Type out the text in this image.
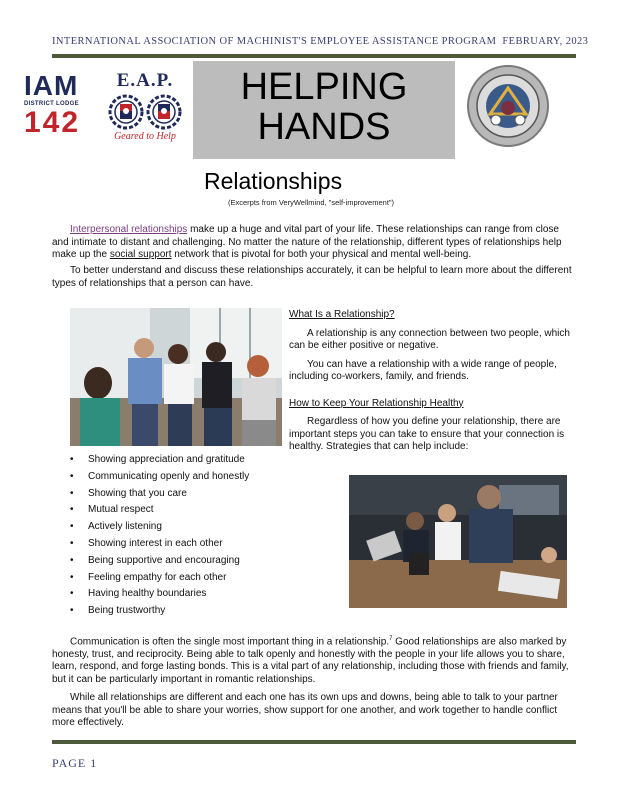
INTERNATIONAL ASSOCIATION OF MACHINIST'S EMPLOYEE ASSISTANCE PROGRAM FEBRUARY, 2023
IAM
DISTRICT LODGE
142
E.A.P.
Geared to Help
HELPING
HANDS
Relationships
(Excerpts from VeryWellmind, "self-improvement")
Interpersonal relationships make up a huge and vital part of your life. These relationships can range from close and intimate to distant and challenging. No matter the nature of the relationship, different types of relationships help make up the social support network that is pivotal for both your physical and mental well-being.
To better understand and discuss these relationships accurately, it can be helpful to learn more about the different types of relationships that a person can have.
What Is a Relationship?

A relationship is any connection between two people, which can be either positive or negative.

You can have a relationship with a wide range of people, including co-workers, family, and friends.

How to Keep Your Relationship Healthy

Regardless of how you define your relationship, there are important steps you can take to ensure that your connection is healthy. Strategies that can help include:

• Showing appreciation and gratitude
• Communicating openly and honestly
• Showing that you care
• Mutual respect
• Actively listening
• Showing interest in each other
• Being supportive and encouraging
• Feeling empathy for each other
• Having healthy boundaries
• Being trustworthy

Communication is often the single most important thing in a relationship.$^7$ Good relationships are also marked by honesty, trust, and reciprocity. Being able to talk openly and honestly with the people in your life allows you to share, learn, respond, and forge lasting bonds. This is a vital part of any relationship, including those with friends and family, but it can be particularly important in romantic relationships.

While all relationships are different and each one has its own ups and downs, being able to talk to your partner means that you'll be able to share your worries, show support for one another, and work together to handle conflict more effectively.

PAGE 1
